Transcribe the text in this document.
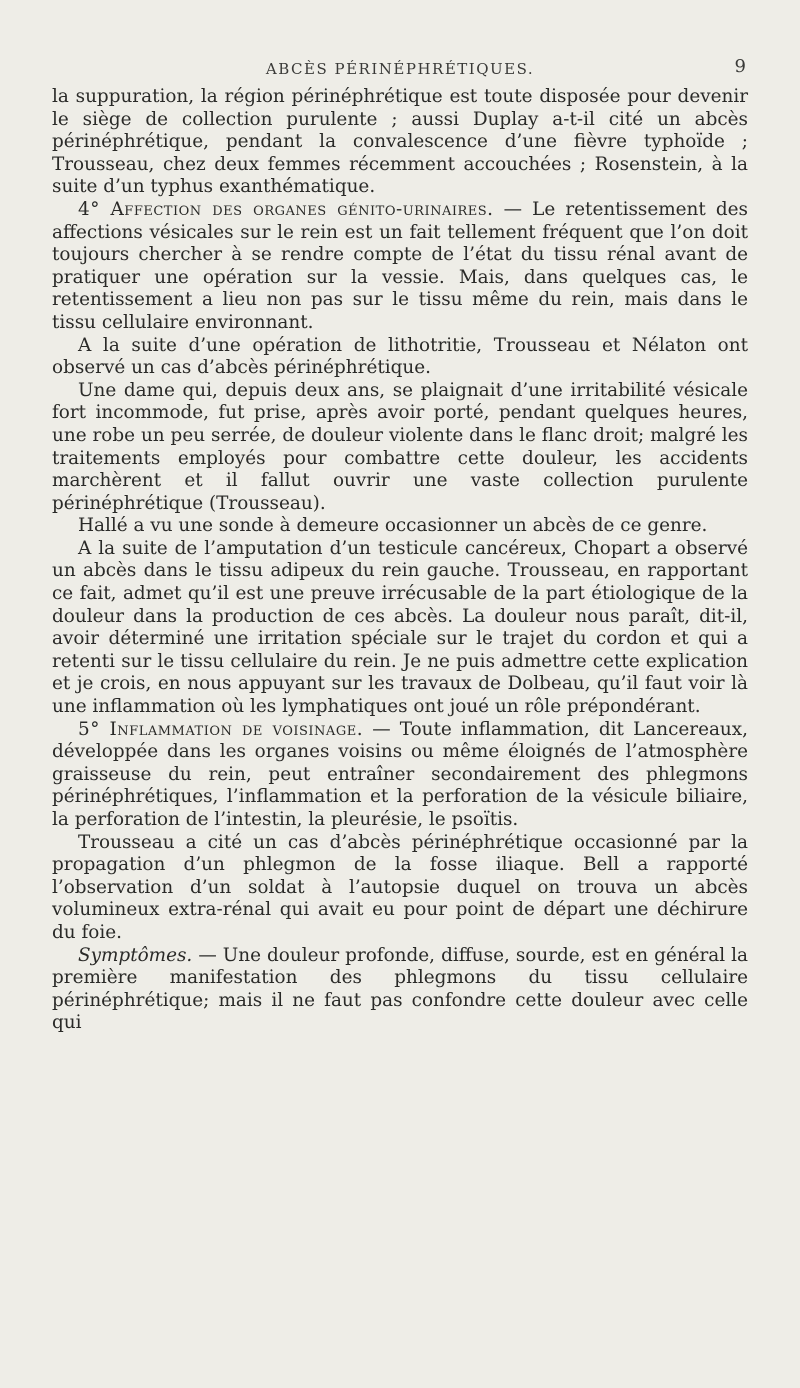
ABCÈS PÉRINÉPHRÉTIQUES.	9

la suppuration, la région périnéphrétique est toute disposée pour devenir le siège de collection purulente ; aussi Duplay a-t-il cité un abcès périnéphrétique, pendant la convalescence d’une fièvre typhoïde ; Trousseau, chez deux femmes récemment accouchées ; Rosenstein, à la suite d’un typhus exanthématique.

4° Affection des organes génito-urinaires. — Le retentissement des affections vésicales sur le rein est un fait tellement fréquent que l’on doit toujours chercher à se rendre compte de l’état du tissu rénal avant de pratiquer une opération sur la vessie. Mais, dans quelques cas, le retentissement a lieu non pas sur le tissu même du rein, mais dans le tissu cellulaire environnant.

A la suite d’une opération de lithotritie, Trousseau et Nélaton ont observé un cas d’abcès périnéphrétique.

Une dame qui, depuis deux ans, se plaignait d’une irritabilité vésicale fort incommode, fut prise, après avoir porté, pendant quelques heures, une robe un peu serrée, de douleur violente dans le flanc droit; malgré les traitements employés pour combattre cette douleur, les accidents marchèrent et il fallut ouvrir une vaste collection purulente périnéphrétique (Trousseau).

Hallé a vu une sonde à demeure occasionner un abcès de ce genre.

A la suite de l’amputation d’un testicule cancéreux, Chopart a observé un abcès dans le tissu adipeux du rein gauche. Trousseau, en rapportant ce fait, admet qu’il est une preuve irrécusable de la part étiologique de la douleur dans la production de ces abcès. La douleur nous paraît, dit-il, avoir déterminé une irritation spéciale sur le trajet du cordon et qui a retenti sur le tissu cellulaire du rein. Je ne puis admettre cette explication et je crois, en nous appuyant sur les travaux de Dolbeau, qu’il faut voir là une inflammation où les lymphatiques ont joué un rôle prépondérant.

5° Inflammation de voisinage. — Toute inflammation, dit Lancereaux, développée dans les organes voisins ou même éloignés de l’atmosphère graisseuse du rein, peut entraîner secondairement des phlegmons périnéphrétiques, l’inflammation et la perforation de la vésicule biliaire, la perforation de l’intestin, la pleurésie, le psoïtis.

Trousseau a cité un cas d’abcès périnéphrétique occasionné par la propagation d’un phlegmon de la fosse iliaque. Bell a rapporté l’observation d’un soldat à l’autopsie duquel on trouva un abcès volumineux extra-rénal qui avait eu pour point de départ une déchirure du foie.

Symptômes. — Une douleur profonde, diffuse, sourde, est en général la première manifestation des phlegmons du tissu cellulaire périnéphrétique; mais il ne faut pas confondre cette douleur avec celle qui
